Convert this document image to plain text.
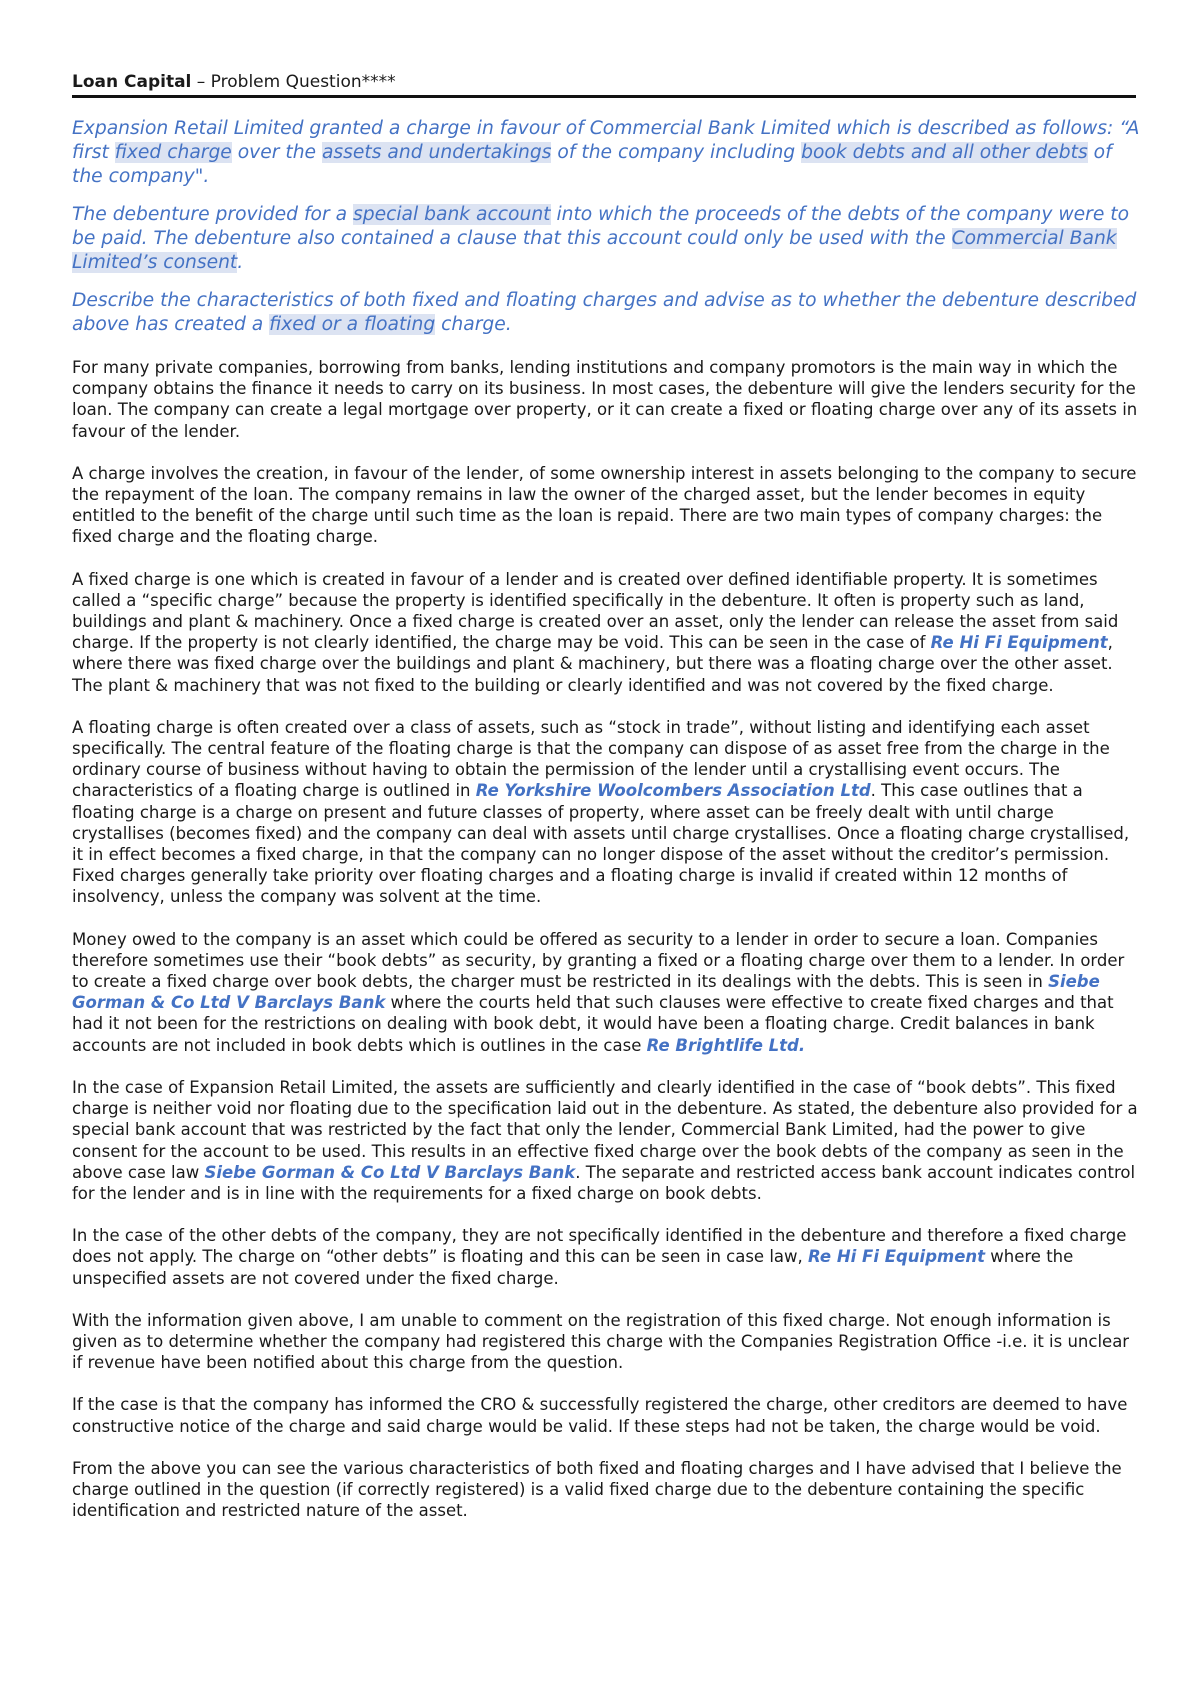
Loan Capital – Problem Question****

Expansion Retail Limited granted a charge in favour of Commercial Bank Limited which is described as follows: “A first fixed charge over the assets and undertakings of the company including book debts and all other debts of the company".

The debenture provided for a special bank account into which the proceeds of the debts of the company were to be paid. The debenture also contained a clause that this account could only be used with the Commercial Bank Limited’s consent.

Describe the characteristics of both fixed and floating charges and advise as to whether the debenture described above has created a fixed or a floating charge.

For many private companies, borrowing from banks, lending institutions and company promotors is the main way in which the company obtains the finance it needs to carry on its business. In most cases, the debenture will give the lenders security for the loan. The company can create a legal mortgage over property, or it can create a fixed or floating charge over any of its assets in favour of the lender.

A charge involves the creation, in favour of the lender, of some ownership interest in assets belonging to the company to secure the repayment of the loan. The company remains in law the owner of the charged asset, but the lender becomes in equity entitled to the benefit of the charge until such time as the loan is repaid. There are two main types of company charges: the fixed charge and the floating charge.

A fixed charge is one which is created in favour of a lender and is created over defined identifiable property. It is sometimes called a “specific charge” because the property is identified specifically in the debenture. It often is property such as land, buildings and plant & machinery. Once a fixed charge is created over an asset, only the lender can release the asset from said charge. If the property is not clearly identified, the charge may be void. This can be seen in the case of Re Hi Fi Equipment, where there was fixed charge over the buildings and plant & machinery, but there was a floating charge over the other asset. The plant & machinery that was not fixed to the building or clearly identified and was not covered by the fixed charge.

A floating charge is often created over a class of assets, such as “stock in trade”, without listing and identifying each asset specifically. The central feature of the floating charge is that the company can dispose of as asset free from the charge in the ordinary course of business without having to obtain the permission of the lender until a crystallising event occurs. The characteristics of a floating charge is outlined in Re Yorkshire Woolcombers Association Ltd. This case outlines that a floating charge is a charge on present and future classes of property, where asset can be freely dealt with until charge crystallises (becomes fixed) and the company can deal with assets until charge crystallises. Once a floating charge crystallised, it in effect becomes a fixed charge, in that the company can no longer dispose of the asset without the creditor’s permission. Fixed charges generally take priority over floating charges and a floating charge is invalid if created within 12 months of insolvency, unless the company was solvent at the time.

Money owed to the company is an asset which could be offered as security to a lender in order to secure a loan. Companies therefore sometimes use their “book debts” as security, by granting a fixed or a floating charge over them to a lender. In order to create a fixed charge over book debts, the charger must be restricted in its dealings with the debts. This is seen in Siebe Gorman & Co Ltd V Barclays Bank where the courts held that such clauses were effective to create fixed charges and that had it not been for the restrictions on dealing with book debt, it would have been a floating charge. Credit balances in bank accounts are not included in book debts which is outlines in the case Re Brightlife Ltd.

In the case of Expansion Retail Limited, the assets are sufficiently and clearly identified in the case of “book debts”. This fixed charge is neither void nor floating due to the specification laid out in the debenture. As stated, the debenture also provided for a special bank account that was restricted by the fact that only the lender, Commercial Bank Limited, had the power to give consent for the account to be used. This results in an effective fixed charge over the book debts of the company as seen in the above case law Siebe Gorman & Co Ltd V Barclays Bank. The separate and restricted access bank account indicates control for the lender and is in line with the requirements for a fixed charge on book debts.

In the case of the other debts of the company, they are not specifically identified in the debenture and therefore a fixed charge does not apply. The charge on “other debts” is floating and this can be seen in case law, Re Hi Fi Equipment where the unspecified assets are not covered under the fixed charge.

With the information given above, I am unable to comment on the registration of this fixed charge. Not enough information is given as to determine whether the company had registered this charge with the Companies Registration Office -i.e. it is unclear if revenue have been notified about this charge from the question.

If the case is that the company has informed the CRO & successfully registered the charge, other creditors are deemed to have constructive notice of the charge and said charge would be valid. If these steps had not be taken, the charge would be void.

From the above you can see the various characteristics of both fixed and floating charges and I have advised that I believe the charge outlined in the question (if correctly registered) is a valid fixed charge due to the debenture containing the specific identification and restricted nature of the asset.
